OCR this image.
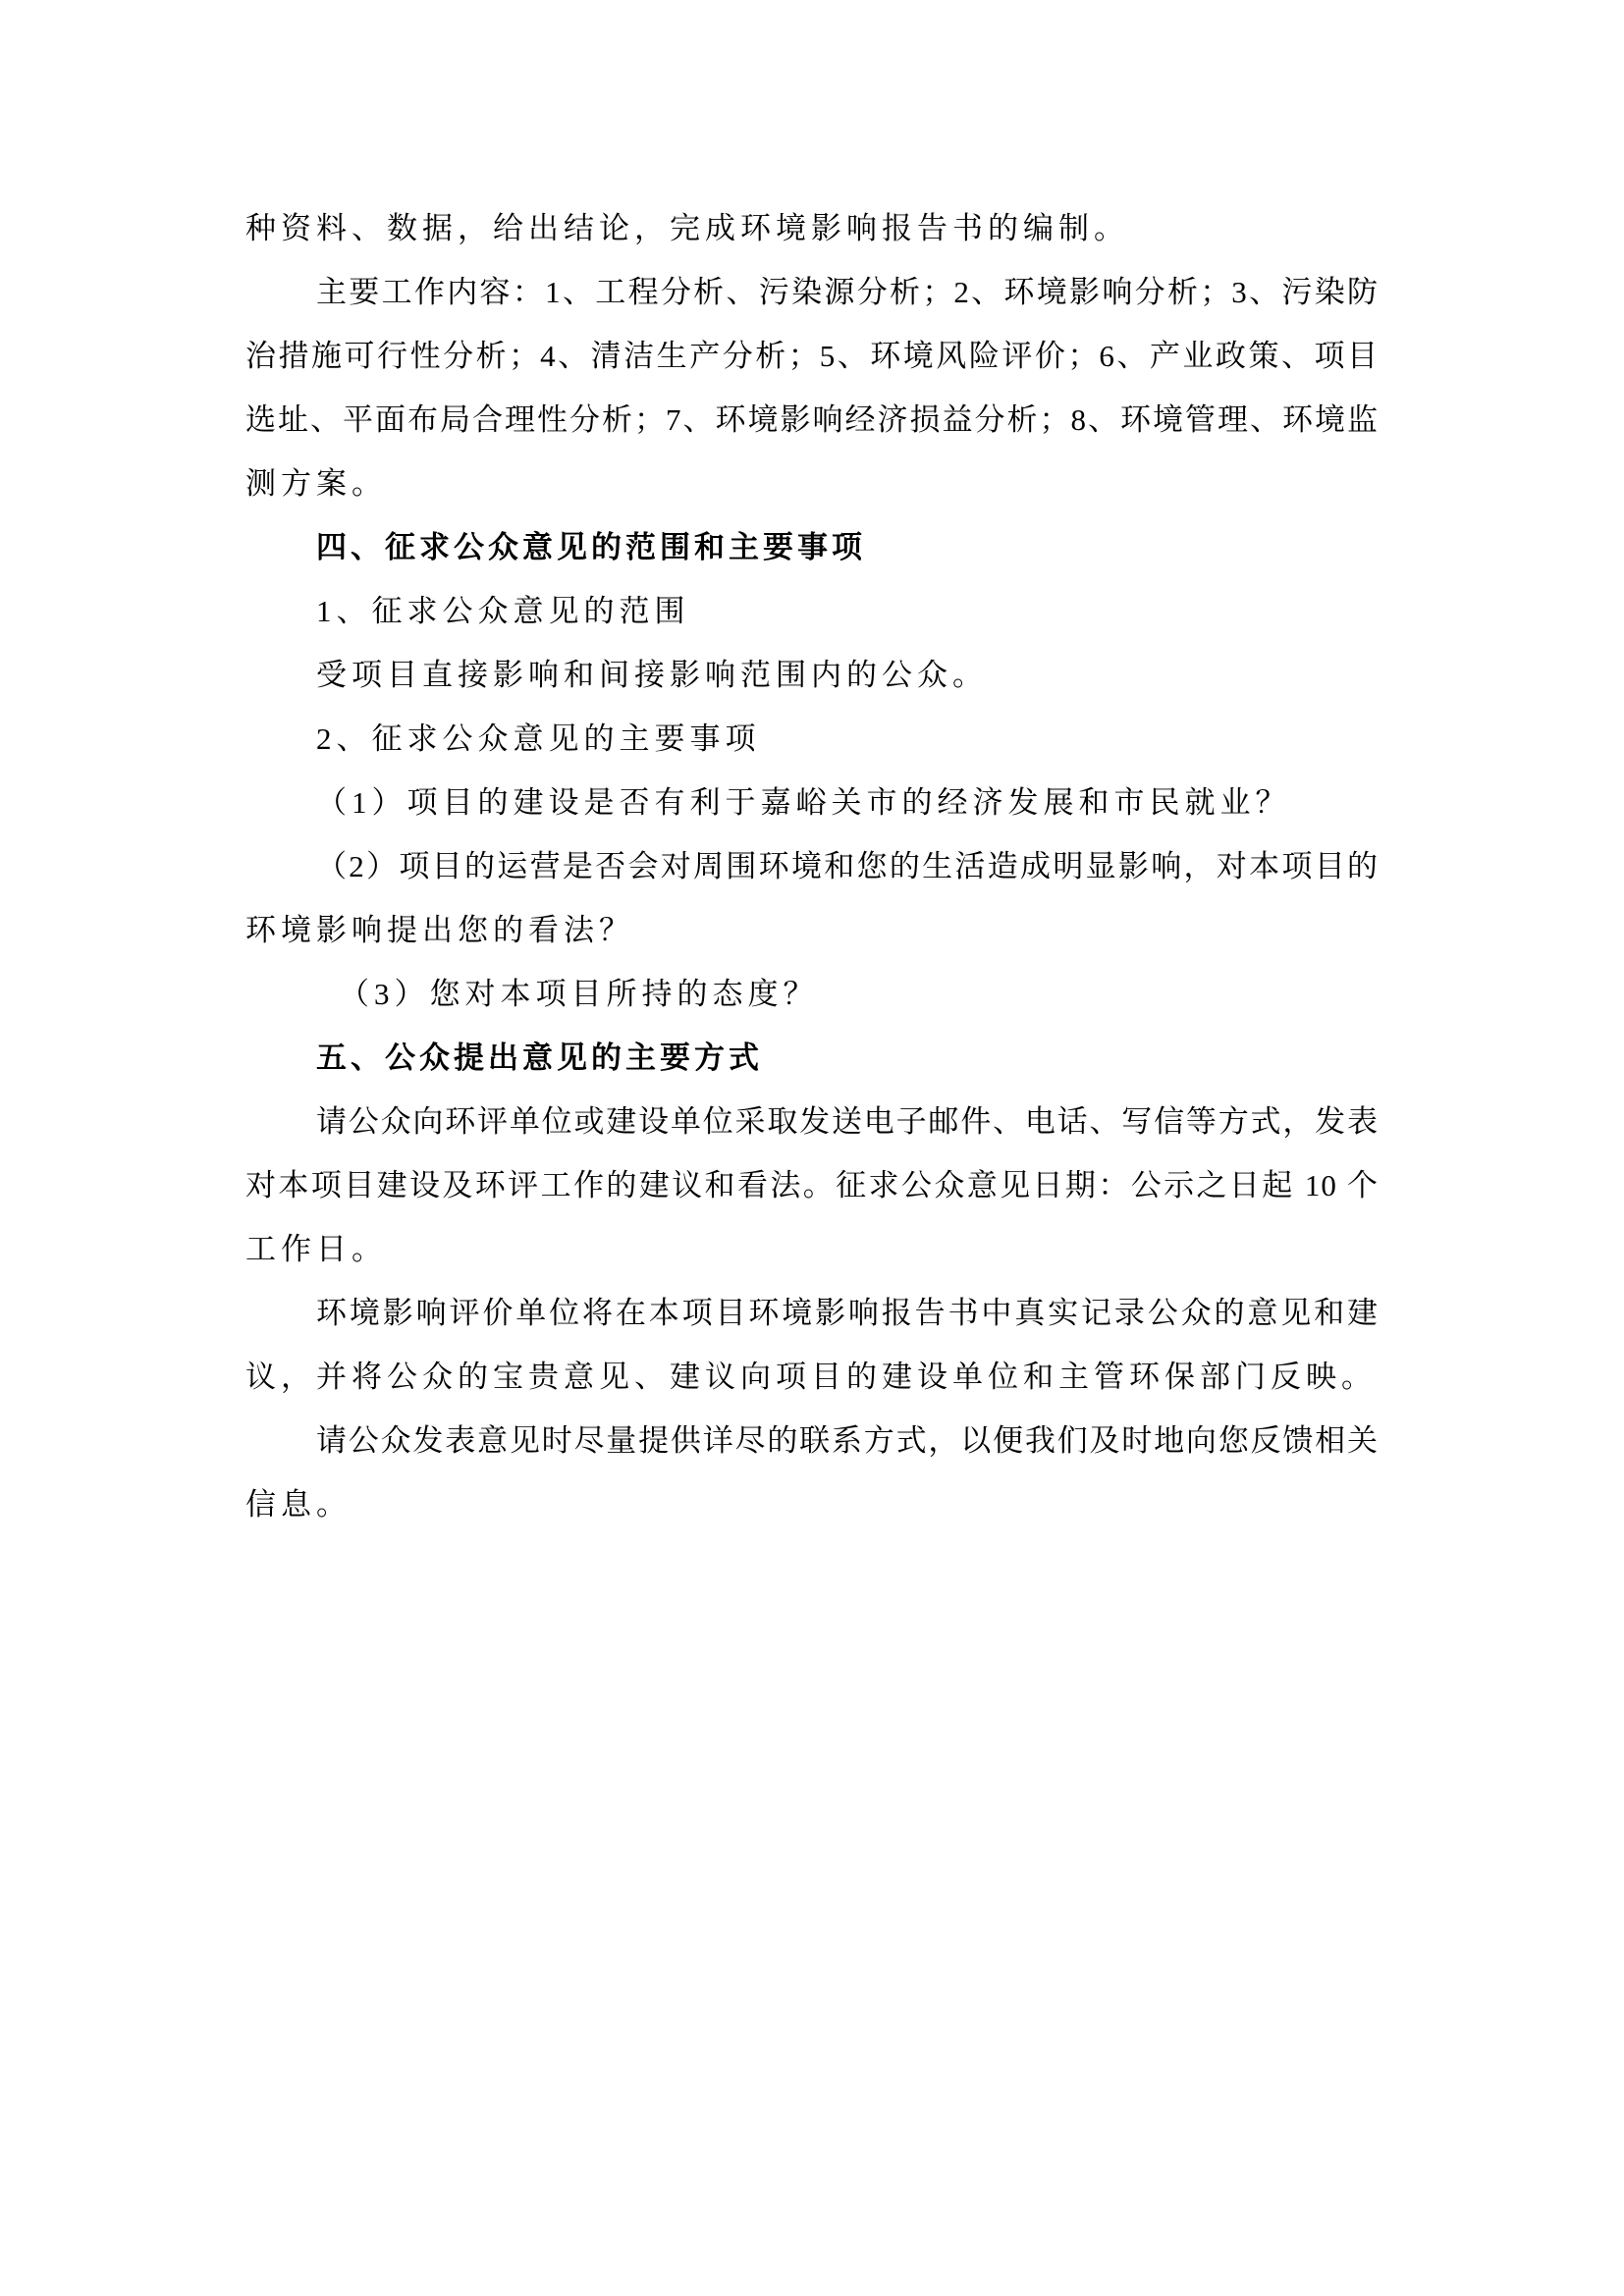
种资料、数据，给出结论，完成环境影响报告书的编制。
主要工作内容：1、工程分析、污染源分析；2、环境影响分析；3、污染防
治措施可行性分析；4、清洁生产分析；5、环境风险评价；6、产业政策、项目
选址、平面布局合理性分析；7、环境影响经济损益分析；8、环境管理、环境监
测方案。
四、征求公众意见的范围和主要事项
1、征求公众意见的范围
受项目直接影响和间接影响范围内的公众。
2、征求公众意见的主要事项
（1）项目的建设是否有利于嘉峪关市的经济发展和市民就业？
（2）项目的运营是否会对周围环境和您的生活造成明显影响，对本项目的
环境影响提出您的看法？
（3）您对本项目所持的态度？
五、公众提出意见的主要方式
请公众向环评单位或建设单位采取发送电子邮件、电话、写信等方式，发表
对本项目建设及环评工作的建议和看法。征求公众意见日期：公示之日起 10 个
工作日。
环境影响评价单位将在本项目环境影响报告书中真实记录公众的意见和建
议，并将公众的宝贵意见、建议向项目的建设单位和主管环保部门反映。
请公众发表意见时尽量提供详尽的联系方式，以便我们及时地向您反馈相关
信息。
